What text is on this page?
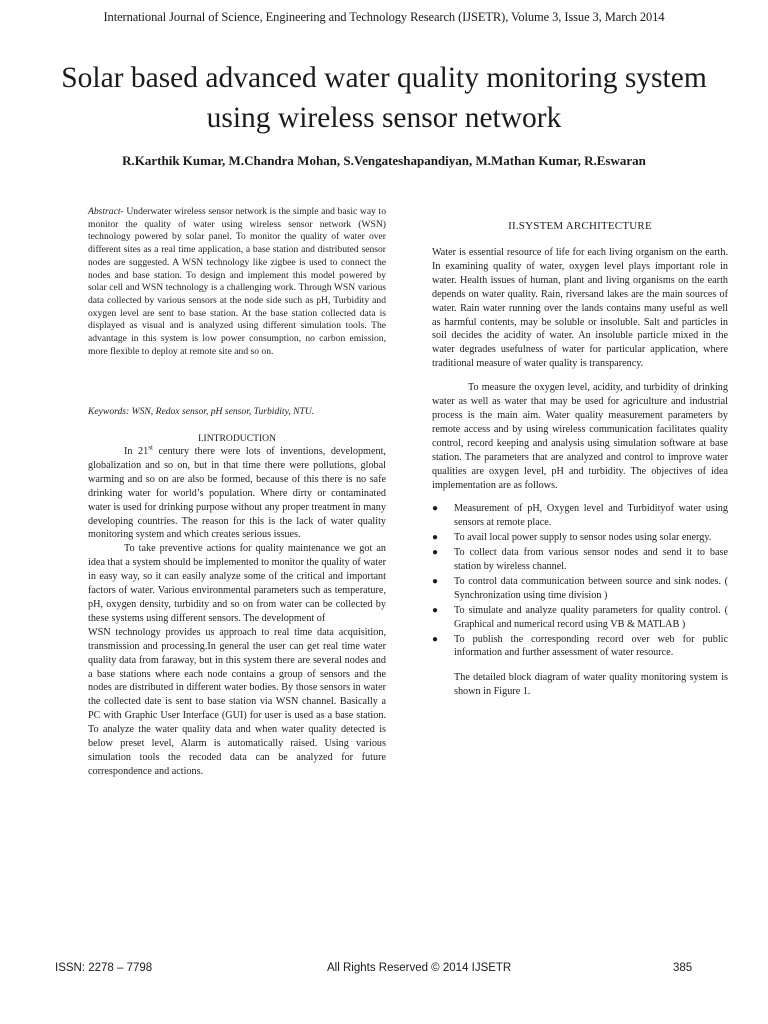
International Journal of Science, Engineering and Technology Research (IJSETR), Volume 3, Issue 3, March 2014
Solar based advanced water quality monitoring system using wireless sensor network
R.Karthik Kumar, M.Chandra Mohan, S.Vengateshapandiyan, M.Mathan Kumar, R.Eswaran
Abstract- Underwater wireless sensor network is the simple and basic way to monitor the quality of water using wireless sensor network (WSN) technology powered by solar panel. To monitor the quality of water over different sites as a real time application, a base station and distributed sensor nodes are suggested. A WSN technology like zigbee is used to connect the nodes and base station. To design and implement this model powered by solar cell and WSN technology is a challenging work. Through WSN various data collected by various sensors at the node side such as pH, Turbidity and oxygen level are sent to base station. At the base station collected data is displayed as visual and is analyzed using different simulation tools. The advantage in this system is low power consumption, no carbon emission, more flexible to deploy at remote site and so on.
Keywords: WSN, Redox sensor, pH sensor, Turbidity, NTU.
I.INTRODUCTION

In 21st century there were lots of inventions, development, globalization and so on, but in that time there were pollutions, global warming and so on are also be formed, because of this there is no safe drinking water for world’s population. Where dirty or contaminated water is used for drinking purpose without any proper treatment in many developing countries. The reason for this is the lack of water quality monitoring system and which creates serious issues.

To take preventive actions for quality maintenance we got an idea that a system should be implemented to monitor the quality of water in easy way, so it can easily analyze some of the critical and important factors of water. Various environmental parameters such as temperature, pH, oxygen density, turbidity and so on from water can be collected by these systems using different sensors. The development of

WSN technology provides us approach to real time data acquisition, transmission and processing.In general the user can get real time water quality data from faraway, but in this system there are several nodes and a base stations where each node contains a group of sensors and the nodes are distributed in different water bodies. By those sensors in water the collected date is sent to base station via WSN channel. Basically a PC with Graphic User Interface (GUI) for user is used as a base station. To analyze the water quality data and when water quality detected is below preset level, Alarm is automatically raised. Using various simulation tools the recoded data can be analyzed for future correspondence and actions.

II.SYSTEM ARCHITECTURE

Water is essential resource of life for each living organism on the earth. In examining quality of water, oxygen level plays important role in water. Health issues of human, plant and living organisms on the earth depends on water quality. Rain, riversand lakes are the main sources of water. Rain water running over the lands contains many useful as well as harmful contents, may be soluble or insoluble. Salt and particles in soil decides the acidity of water. An insoluble particle mixed in the water degrades usefulness of water for particular application, where traditional measure of water quality is transparency.

To measure the oxygen level, acidity, and turbidity of drinking water as well as water that may be used for agriculture and industrial process is the main aim. Water quality measurement parameters by remote access and by using wireless communication facilitates quality control, record keeping and analysis using simulation software at base station. The parameters that are analyzed and control to improve water qualities are oxygen level, pH and turbidity. The objectives of idea implementation are as follows.

● Measurement of pH, Oxygen level and Turbidityof water using sensors at remote place.
● To avail local power supply to sensor nodes using solar energy.
● To collect data from various sensor nodes and send it to base station by wireless channel.
● To control data communication between source and sink nodes. ( Synchronization using time division )
● To simulate and analyze quality parameters for quality control. ( Graphical and numerical record using VB & MATLAB )
● To publish the corresponding record over web for public information and further assessment of water resource.

The detailed block diagram of water quality monitoring system is shown in Figure 1.

ISSN: 2278 – 7798	All Rights Reserved © 2014 IJSETR	385
